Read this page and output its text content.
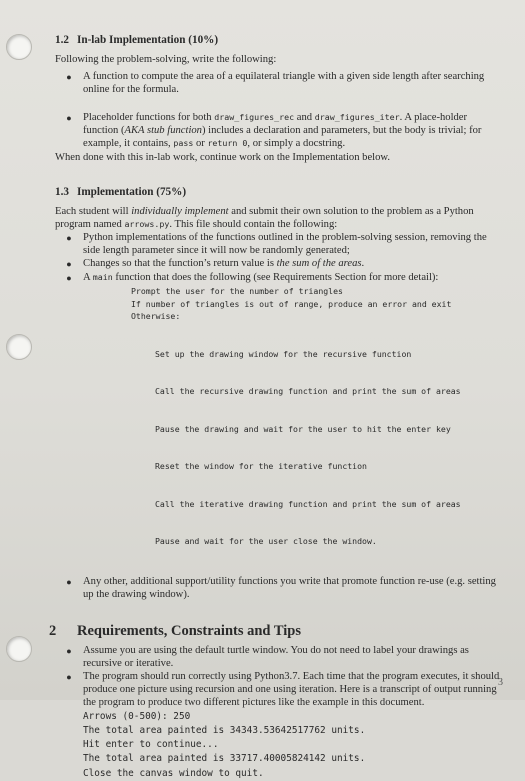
1.2 In-lab Implementation (10%)

Following the problem-solving, write the following:

●	A function to compute the area of a equilateral triangle with a given side length after searching online for the formula.
●	Placeholder functions for both draw_figures_rec and draw_figures_iter. A place-holder function (AKA stub function) includes a declaration and parameters, but the body is trivial; for example, it contains, pass or return 0, or simply a docstring.

When done with this in-lab work, continue work on the Implementation below.

1.3 Implementation (75%)

Each student will individually implement and submit their own solution to the problem as a Python program named arrows.py. This file should contain the following:

●	Python implementations of the functions outlined in the problem-solving session, removing the side length parameter since it will now be randomly generated;
●	Changes so that the function’s return value is the sum of the areas.
●	A main function that does the following (see Requirements Section for more detail):
Prompt the user for the number of triangles
If number of triangles is out of range, produce an error and exit
Otherwise:

Set up the drawing window for the recursive function

Call the recursive drawing function and print the sum of areas

Pause the drawing and wait for the user to hit the enter key

Reset the window for the iterative function

Call the iterative drawing function and print the sum of areas

Pause and wait for the user close the window.

●	Any other, additional support/utility functions you write that promote function re-use (e.g. setting up the drawing window).
2 Requirements, Constraints and Tips
●	Assume you are using the default turtle window. You do not need to label your drawings as recursive or iterative.
●	The program should run correctly using Python3.7. Each time that the program executes, it should produce one picture using recursion and one using iteration. Here is a transcript of output running the program to produce two different pictures like the example in this document.
Arrows (0-500): 250
The total area painted is 34343.53642517762 units.
Hit enter to continue...
The total area painted is 33717.40005824142 units.
Close the canvas window to quit.
3
